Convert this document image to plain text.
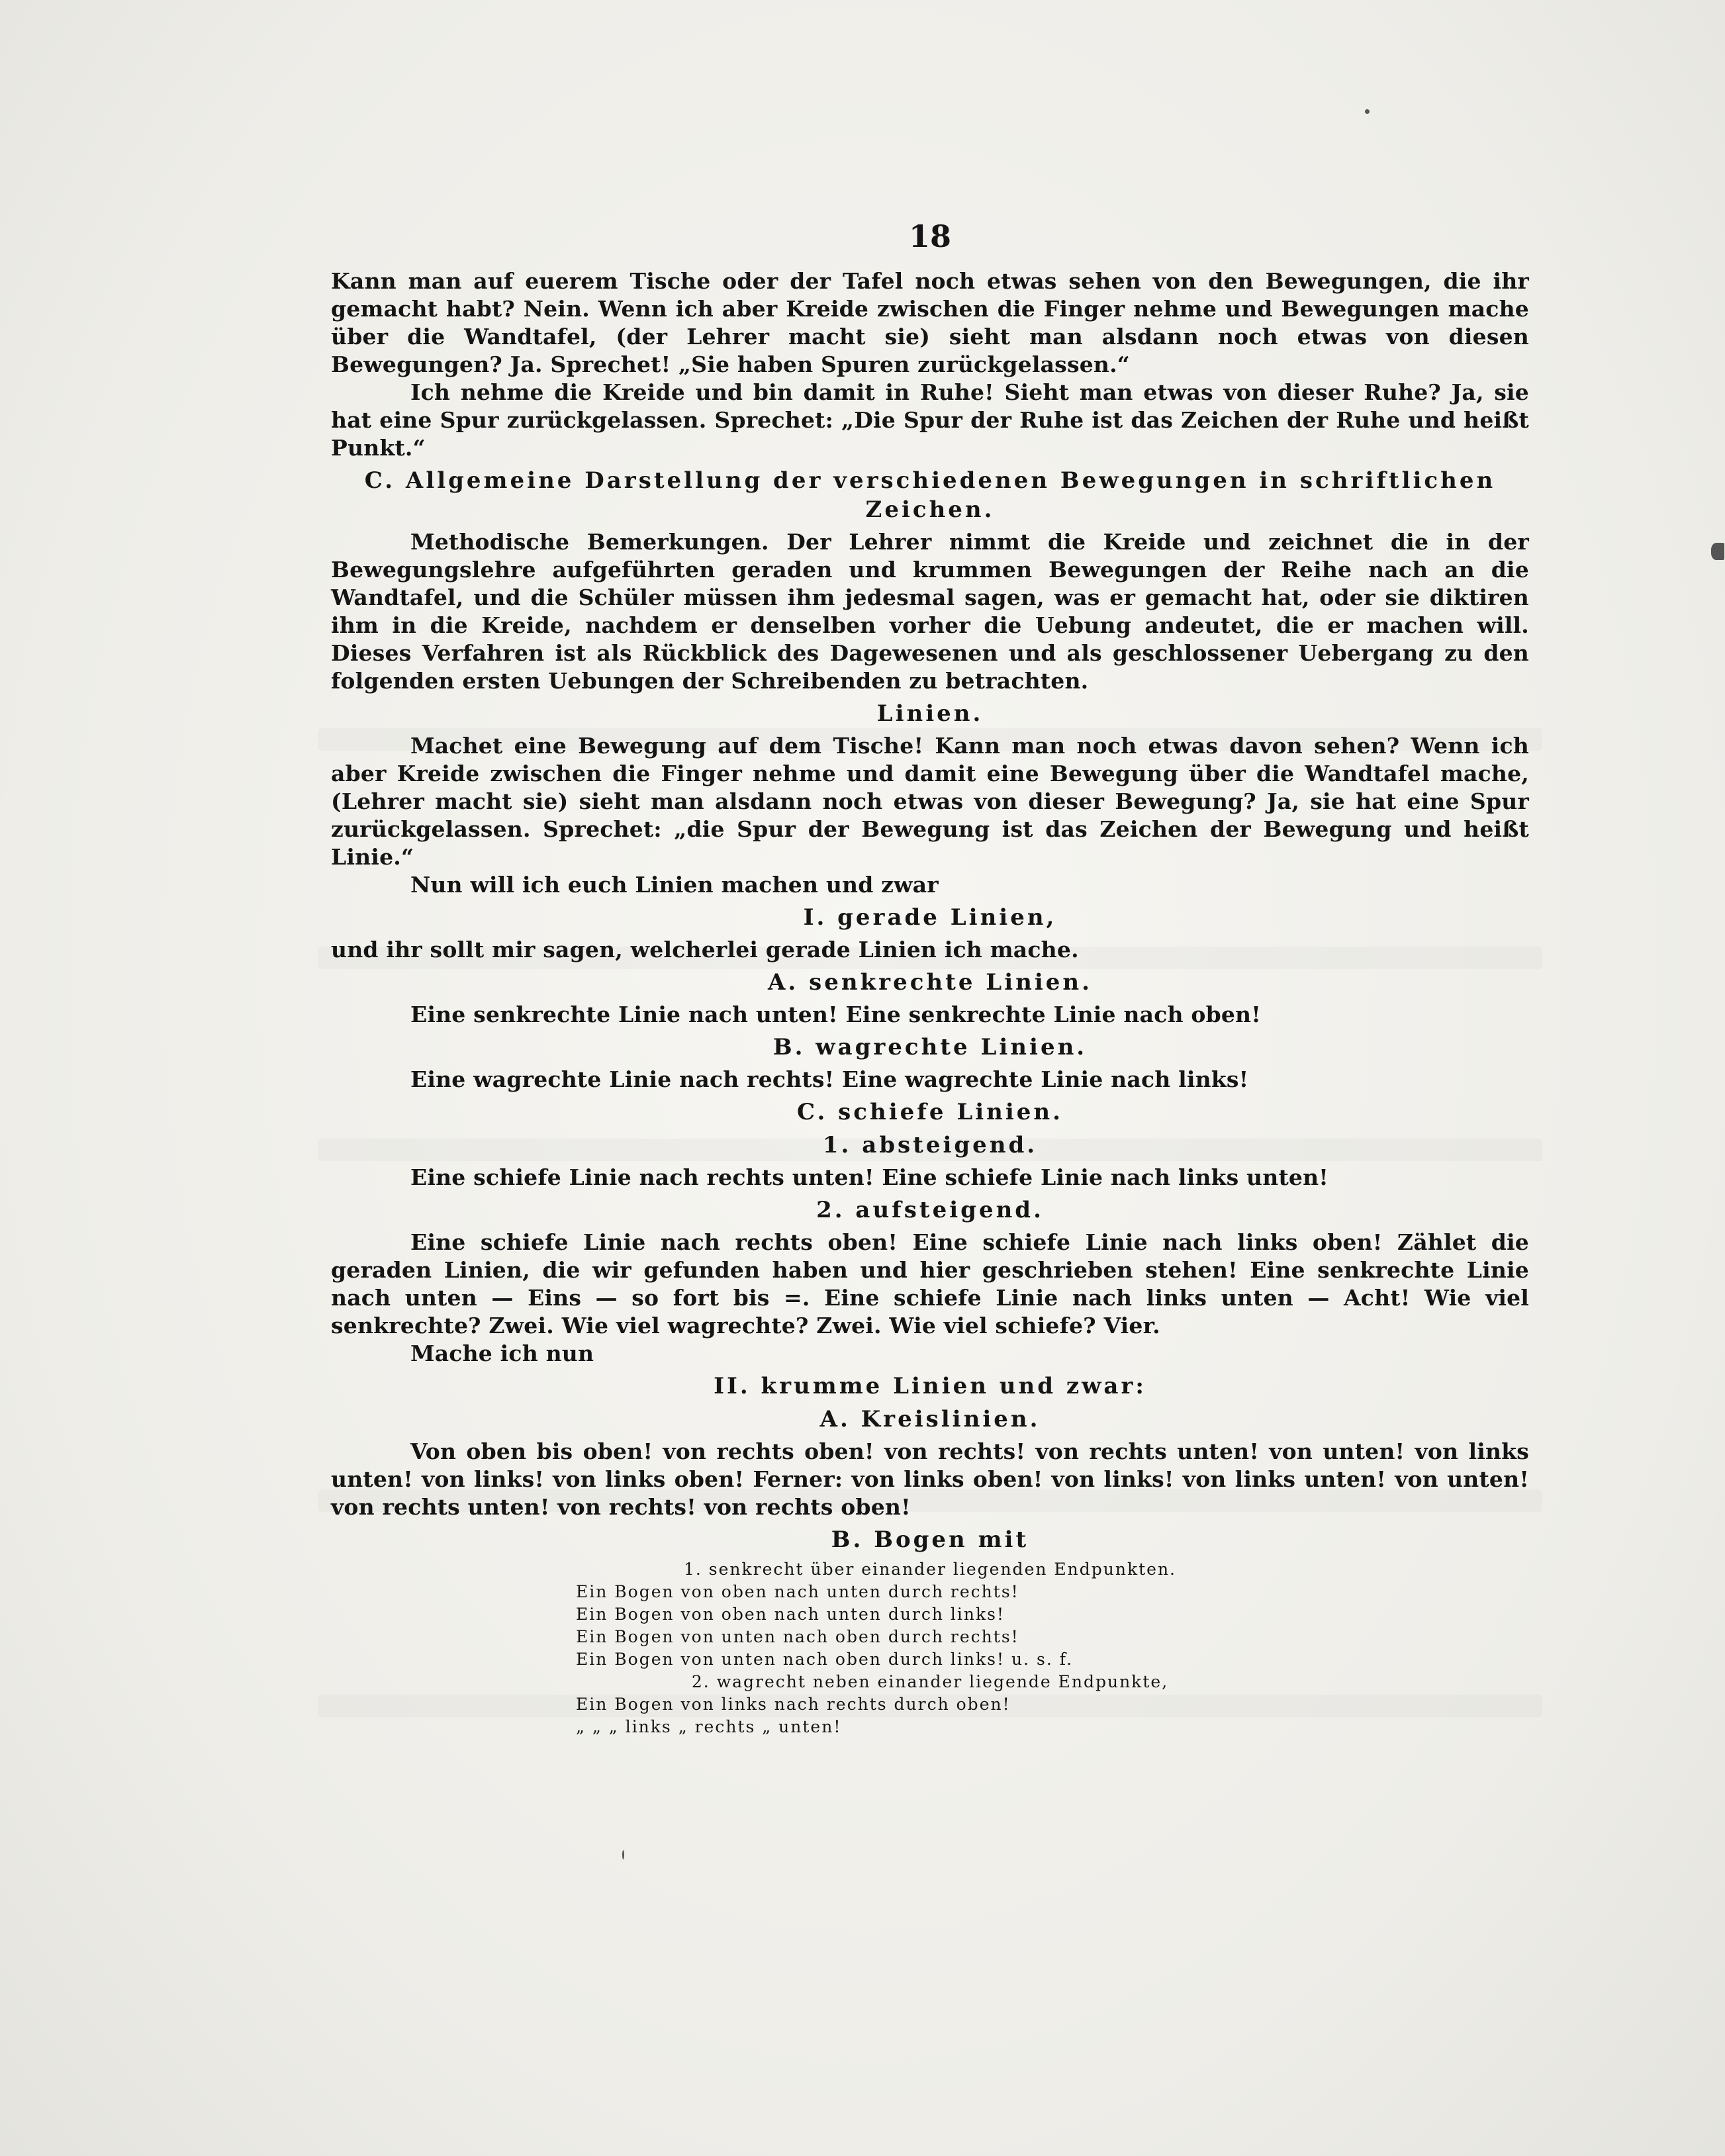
18
Kann man auf euerem Tische oder der Tafel noch etwas sehen von den Bewegungen, die ihr gemacht habt? Nein. Wenn ich aber Kreide zwischen die Finger nehme und Bewegungen mache über die Wandtafel, (der Lehrer macht sie) sieht man alsdann noch etwas von diesen Bewegungen? Ja. Sprechet! „Sie haben Spuren zurückgelassen.“
Ich nehme die Kreide und bin damit in Ruhe! Sieht man etwas von dieser Ruhe? Ja, sie hat eine Spur zurückgelassen. Sprechet: „Die Spur der Ruhe ist das Zeichen der Ruhe und heißt Punkt.“
C. Allgemeine Darstellung der verschiedenen Bewegungen in schriftlichen Zeichen.
Methodische Bemerkungen. Der Lehrer nimmt die Kreide und zeichnet die in der Bewegungslehre aufgeführten geraden und krummen Bewegungen der Reihe nach an die Wandtafel, und die Schüler müssen ihm jedesmal sagen, was er gemacht hat, oder sie diktiren ihm in die Kreide, nachdem er denselben vorher die Uebung andeutet, die er machen will. Dieses Verfahren ist als Rückblick des Dagewesenen und als geschlossener Uebergang zu den folgenden ersten Uebungen der Schreibenden zu betrachten.
Linien.
Machet eine Bewegung auf dem Tische! Kann man noch etwas davon sehen? Wenn ich aber Kreide zwischen die Finger nehme und damit eine Bewegung über die Wandtafel mache, (Lehrer macht sie) sieht man alsdann noch etwas von dieser Bewegung? Ja, sie hat eine Spur zurückgelassen. Sprechet: „die Spur der Bewegung ist das Zeichen der Bewegung und heißt Linie.“
Nun will ich euch Linien machen und zwar
I. gerade Linien,
und ihr sollt mir sagen, welcherlei gerade Linien ich mache.
A. senkrechte Linien.
Eine senkrechte Linie nach unten! Eine senkrechte Linie nach oben!
B. wagrechte Linien.
Eine wagrechte Linie nach rechts! Eine wagrechte Linie nach links!
C. schiefe Linien.
1. absteigend.
Eine schiefe Linie nach rechts unten! Eine schiefe Linie nach links unten!
2. aufsteigend.
Eine schiefe Linie nach rechts oben! Eine schiefe Linie nach links oben! Zählet die geraden Linien, die wir gefunden haben und hier geschrieben stehen! Eine senkrechte Linie nach unten — Eins — so fort bis =. Eine schiefe Linie nach links unten — Acht! Wie viel senkrechte? Zwei. Wie viel wagrechte? Zwei. Wie viel schiefe? Vier.
Mache ich nun
II. krumme Linien und zwar:
A. Kreislinien.
Von oben bis oben! von rechts oben! von rechts! von rechts unten! von unten! von links unten! von links! von links oben! Ferner: von links oben! von links! von links unten! von unten! von rechts unten! von rechts! von rechts oben!
B. Bogen mit
1. senkrecht über einander liegenden Endpunkten.
Ein Bogen von oben nach unten durch rechts!
Ein Bogen von oben nach unten durch links!
Ein Bogen von unten nach oben durch rechts!
Ein Bogen von unten nach oben durch links! u. s. f.
2. wagrecht neben einander liegende Endpunkte,
Ein Bogen von links nach rechts durch oben!
„ „ „ links „ rechts „ unten!
